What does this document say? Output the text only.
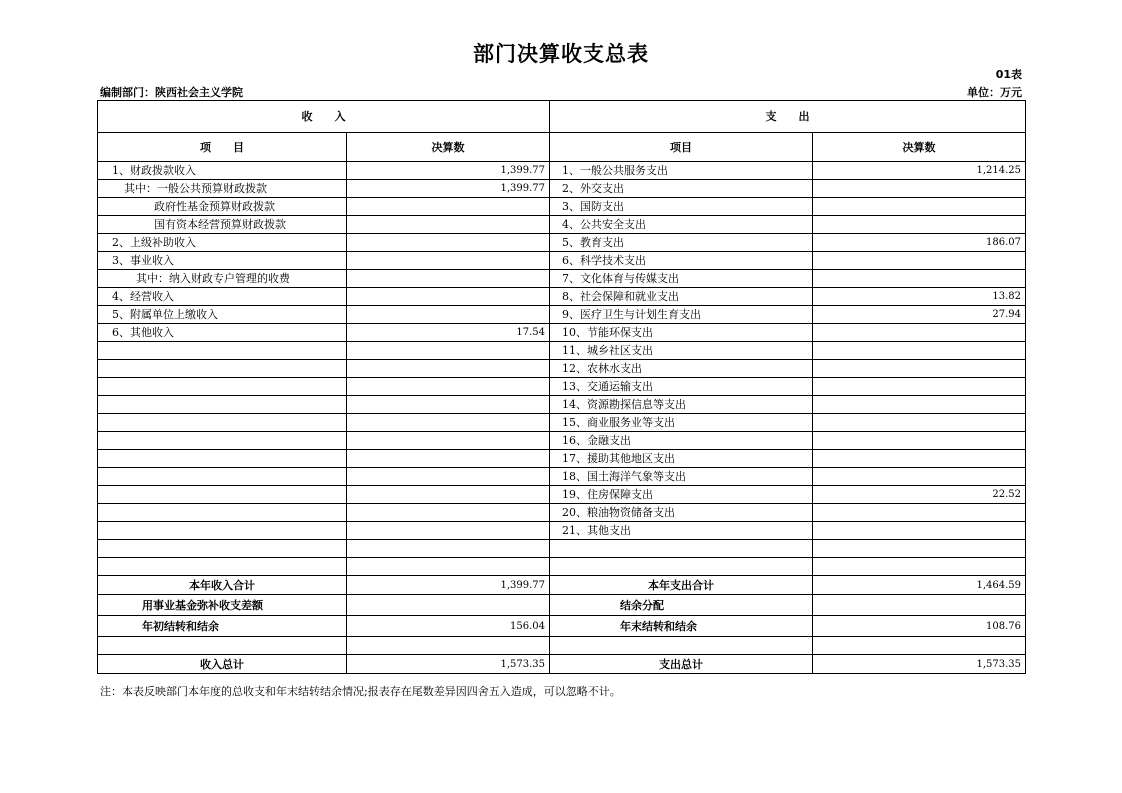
部门决算收支总表
01表
编制部门：陕西社会主义学院	单位：万元
收　　入		支　　出	
项　　目	决算数	项目	决算数
1、财政拨款收入	1,399.77	1、一般公共服务支出	1,214.25
其中：一般公共预算财政拨款	1,399.77	2、外交支出	
政府性基金预算财政拨款		3、国防支出	
国有资本经营预算财政拨款		4、公共安全支出	
2、上级补助收入		5、教育支出	186.07
3、事业收入		6、科学技术支出	
其中：纳入财政专户管理的收费		7、文化体育与传媒支出	
4、经营收入		8、社会保障和就业支出	13.82
5、附属单位上缴收入		9、医疗卫生与计划生育支出	27.94
6、其他收入	17.54	10、节能环保支出	
		11、城乡社区支出	
		12、农林水支出	
		13、交通运输支出	
		14、资源勘探信息等支出	
		15、商业服务业等支出	
		16、金融支出	
		17、援助其他地区支出	
		18、国土海洋气象等支出	
		19、住房保障支出	22.52
		20、粮油物资储备支出	
		21、其他支出	

本年收入合计	1,399.77	本年支出合计	1,464.59
用事业基金弥补收支差额		结余分配	
年初结转和结余	156.04	年末结转和结余	108.76

收入总计	1,573.35	支出总计	1,573.35
注：本表反映部门本年度的总收支和年末结转结余情况;报表存在尾数差异因四舍五入造成，可以忽略不计。
